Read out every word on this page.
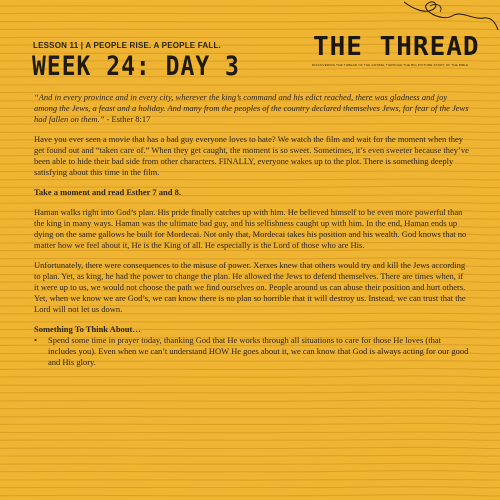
LESSON 11 | A PEOPLE RISE. A PEOPLE FALL.
WEEK 24: DAY 3
THE THREAD
DISCOVERING THE THREAD OF THE GOSPEL THROUGH THE BIG PICTURE STORY OF THE BIBLE

“And in every province and in every city, wherever the king’s command and his edict reached, there was gladness and joy among the Jews, a feast and a holiday. And many from the peoples of the country declared themselves Jews, for fear of the Jews had fallen on them.” - Esther 8:17

Have you ever seen a movie that has a bad guy everyone loves to hate? We watch the film and wait for the moment when they get found out and “taken care of.” When they get caught, the moment is so sweet. Sometimes, it’s even sweeter because they’ve been able to hide their bad side from other characters. FINALLY, everyone wakes up to the plot. There is something deeply satisfying about this time in the film.

Take a moment and read Esther 7 and 8.

Haman walks right into God’s plan. His pride finally catches up with him. He believed himself to be even more powerful than the king in many ways. Haman was the ultimate bad guy, and his selfishness caught up with him. In the end, Haman ends up dying on the same gallows he built for Mordecai. Not only that, Mordecai takes his position and his wealth. God knows that no matter how we feel about it, He is the King of all. He especially is the Lord of those who are His.

Unfortunately, there were consequences to the misuse of power. Xerxes knew that others would try and kill the Jews according to plan. Yet, as king, he had the power to change the plan. He allowed the Jews to defend themselves. There are times when, if it were up to us, we would not choose the path we find ourselves on. People around us can abuse their position and hurt others. Yet, when we know we are God’s, we can know there is no plan so horrible that it will destroy us. Instead, we can trust that the Lord will not let us down.

Something To Think About…
•	Spend some time in prayer today, thanking God that He works through all situations to care for those He loves (that includes you). Even when we can’t understand HOW He goes about it, we can know that God is always acting for our good and His glory.
